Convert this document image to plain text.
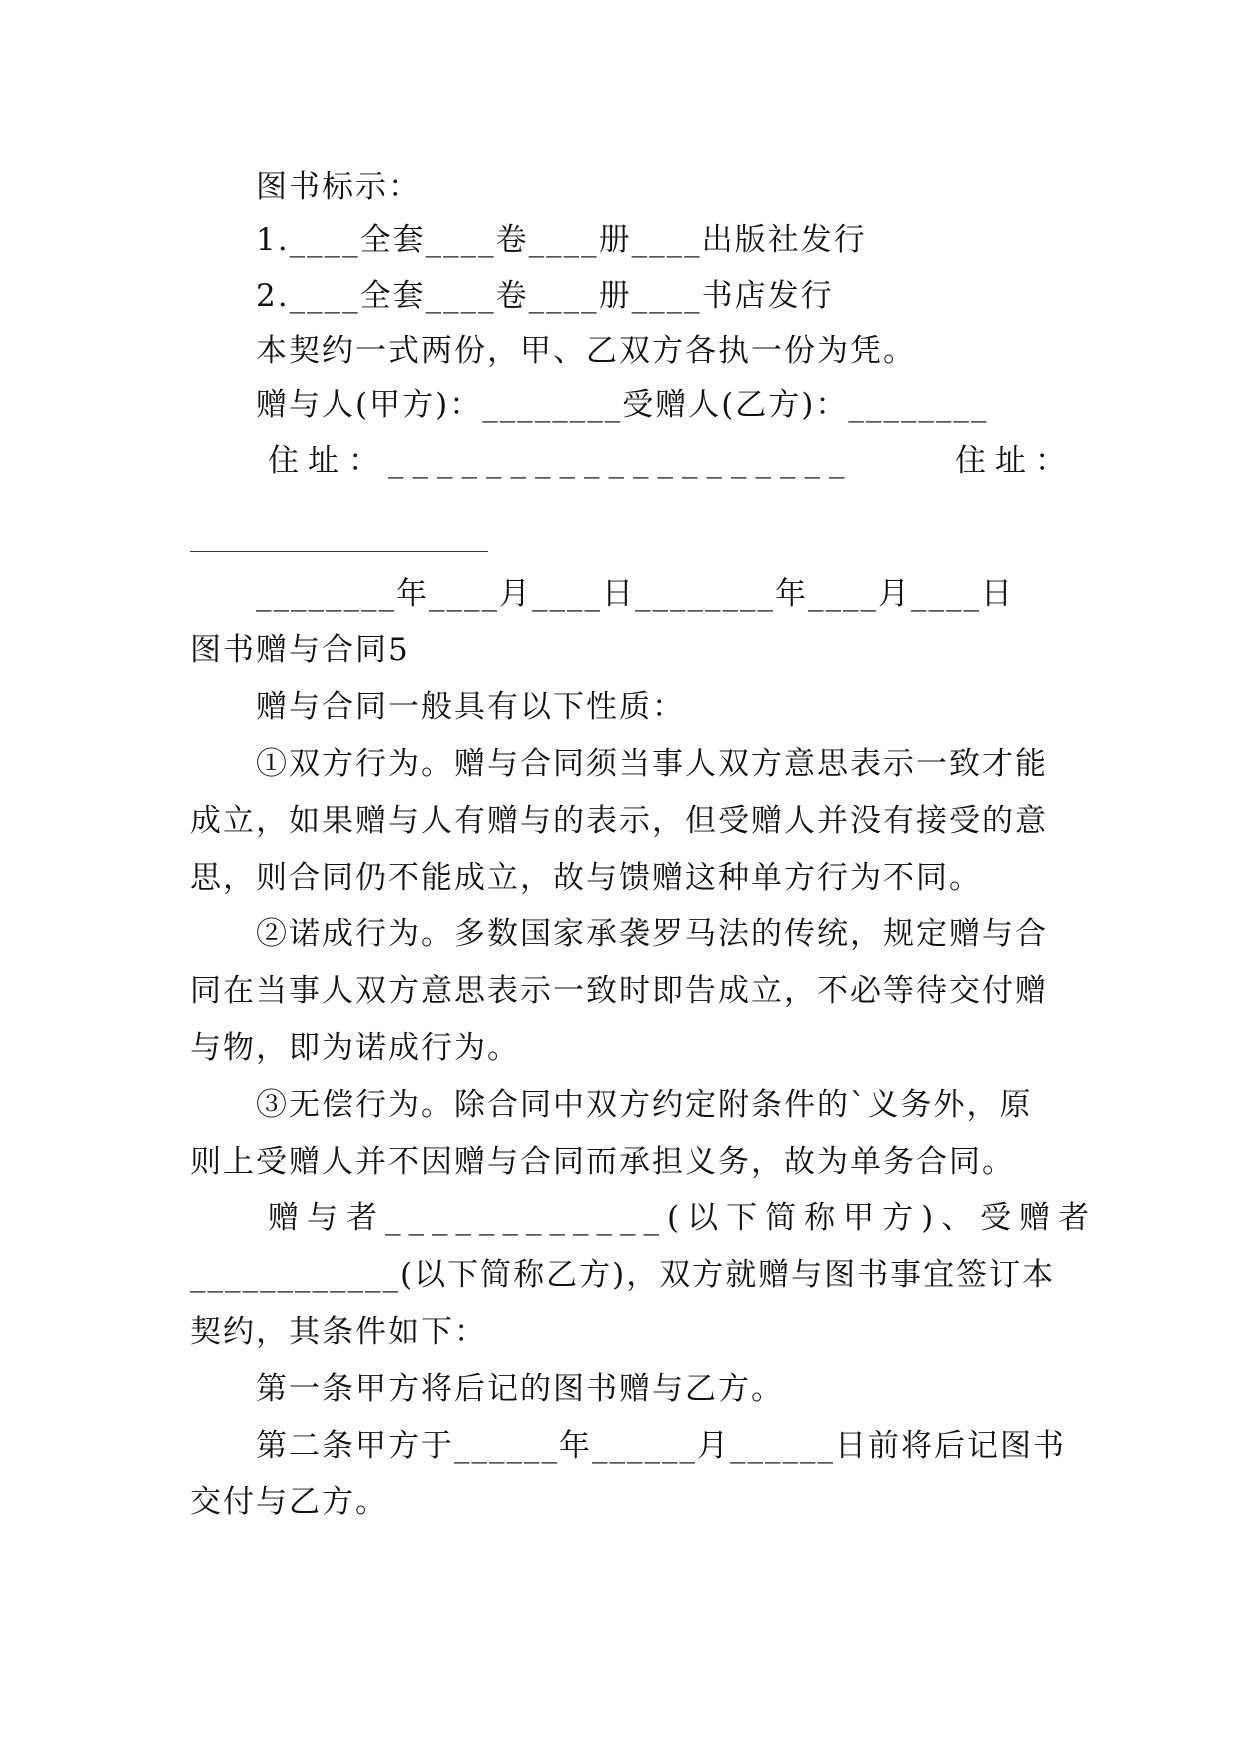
图书标示：
1.____全套____卷____册____出版社发行
2.____全套____卷____册____书店发行
本契约一式两份，甲、乙双方各执一份为凭。
赠与人(甲方)：________受赠人(乙方)：________
住址：___________________	住址：
________年____月____日________年____月____日
图书赠与合同5
赠与合同一般具有以下性质：
①双方行为。赠与合同须当事人双方意思表示一致才能
成立，如果赠与人有赠与的表示，但受赠人并没有接受的意
思，则合同仍不能成立，故与馈赠这种单方行为不同。
②诺成行为。多数国家承袭罗马法的传统，规定赠与合
同在当事人双方意思表示一致时即告成立，不必等待交付赠
与物，即为诺成行为。
③无偿行为。除合同中双方约定附条件的`义务外，原
则上受赠人并不因赠与合同而承担义务，故为单务合同。
赠与者____________(以下简称甲方)、受赠者
____________(以下简称乙方)，双方就赠与图书事宜签订本
契约，其条件如下：
第一条甲方将后记的图书赠与乙方。
第二条甲方于______年______月______日前将后记图书
交付与乙方。
